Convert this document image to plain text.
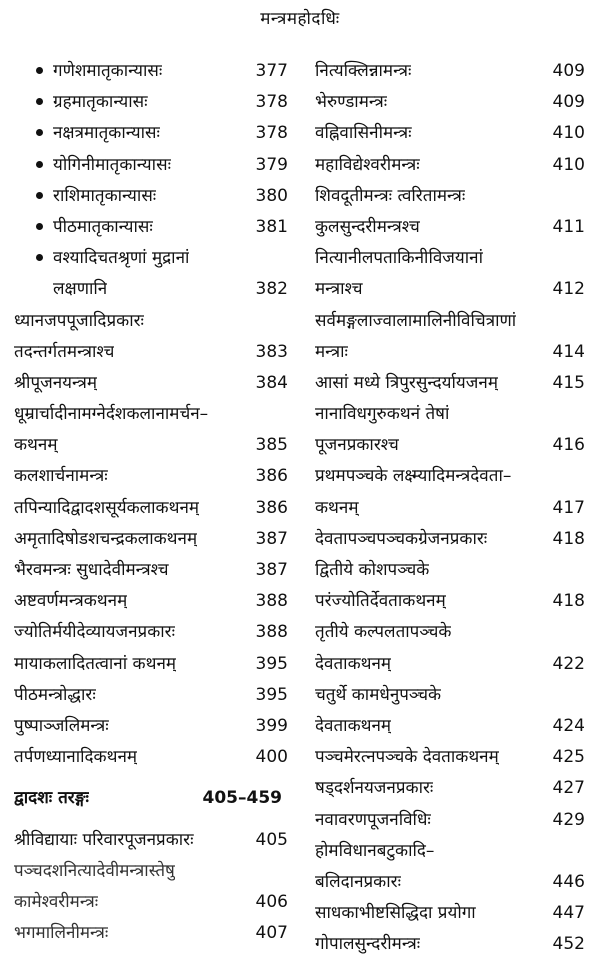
मन्त्रमहोदधिः
गणेशमातृकान्यासः	377
ग्रहमातृकान्यासः	378
नक्षत्रमातृकान्यासः	378
योगिनीमातृकान्यासः	379
राशिमातृकान्यासः	380
पीठमातृकान्यासः	381
वश्यादिचतश्रृणां मुद्रानां
लक्षणानि	382
ध्यानजपपूजादिप्रकारः
तदन्तर्गतमन्त्राश्च	383
श्रीपूजनयन्त्रम्	384
धूम्रार्चादीनामग्नेर्दशकलानामर्चन–
कथनम्	385
कलशार्चनामन्त्रः	386
तपिन्यादिद्वादशसूर्यकलाकथनम्	386
अमृतादिषोडशचन्द्रकलाकथनम्	387
भैरवमन्त्रः सुधादेवीमन्त्रश्च	387
अष्टवर्णमन्त्रकथनम्	388
ज्योतिर्मयीदेव्यायजनप्रकारः	388
मायाकलादितत्वानां कथनम्	395
पीठमन्त्रोद्धारः	395
पुष्पाञ्जलिमन्त्रः	399
तर्पणध्यानादिकथनम्	400
द्वादशः तरङ्गः	405–459
श्रीविद्यायाः परिवारपूजनप्रकारः	405
पञ्चदशनित्यादेवीमन्त्रास्तेषु
कामेश्वरीमन्त्रः	406
भगमालिनीमन्त्रः	407
नित्यक्लिन्नामन्त्रः	409
भेरुण्डामन्त्रः	409
वह्निवासिनीमन्त्रः	410
महाविद्येश्वरीमन्त्रः	410
शिवदूतीमन्त्रः त्वरितामन्त्रः
कुलसुन्दरीमन्त्रश्च	411
नित्यानीलपताकिनीविजयानां
मन्त्राश्च	412
सर्वमङ्गलाज्वालामालिनीविचित्राणां
मन्त्राः	414
आसां मध्ये त्रिपुरसुन्दर्यायजनम्	415
नानाविधगुरुकथनं तेषां
पूजनप्रकारश्च	416
प्रथमपञ्चके लक्ष्म्यादिमन्त्रदेवता–
कथनम्	417
देवतापञ्चपञ्चकग्रेजनप्रकारः	418
द्वितीये कोशपञ्चके
परंज्योतिर्देवताकथनम्	418
तृतीये कल्पलतापञ्चके
देवताकथनम्	422
चतुर्थे कामधेनुपञ्चके
देवताकथनम्	424
पञ्चमेरत्नपञ्चके देवताकथनम्	425
षड्दर्शनयजनप्रकारः	427
नवावरणपूजनविधिः	429
होमविधानबटुकादि–
बलिदानप्रकारः	446
साधकाभीष्टसिद्धिदा प्रयोगा	447
गोपालसुन्दरीमन्त्रः	452
